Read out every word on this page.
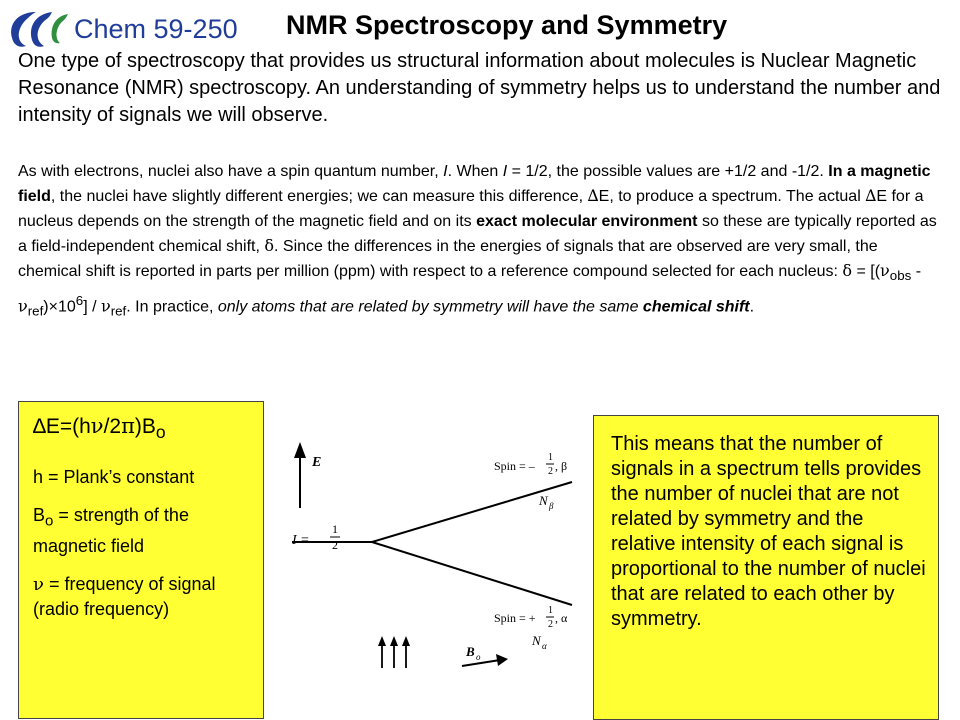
Chem 59-250 NMR Spectroscopy and Symmetry
One type of spectroscopy that provides us structural information about molecules is Nuclear Magnetic Resonance (NMR) spectroscopy. An understanding of symmetry helps us to understand the number and intensity of signals we will observe.
As with electrons, nuclei also have a spin quantum number, I. When I = 1/2, the possible values are +1/2 and -1/2. In a magnetic field, the nuclei have slightly different energies; we can measure this difference, ∆E, to produce a spectrum. The actual ∆E for a nucleus depends on the strength of the magnetic field and on its exact molecular environment so these are typically reported as a field-independent chemical shift, δ. Since the differences in the energies of signals that are observed are very small, the chemical shift is reported in parts per million (ppm) with respect to a reference compound selected for each nucleus: $\delta = [(\nu_{obs} - \nu_{ref})\times 10^6] / \nu_{ref}$. In practice, only atoms that are related by symmetry will have the same chemical shift.
$\Delta E=(h\nu/2\pi)B_o$
h = Plank’s constant
$B_o$ = strength of the magnetic field
ν = frequency of signal (radio frequency)
E
I =
1
2
Spin = –
1
2 , β
N β
Spin = +
1
2 , α
N α
B o
This means that the number of signals in a spectrum tells provides the number of nuclei that are not related by symmetry and the relative intensity of each signal is proportional to the number of nuclei that are related to each other by symmetry.
